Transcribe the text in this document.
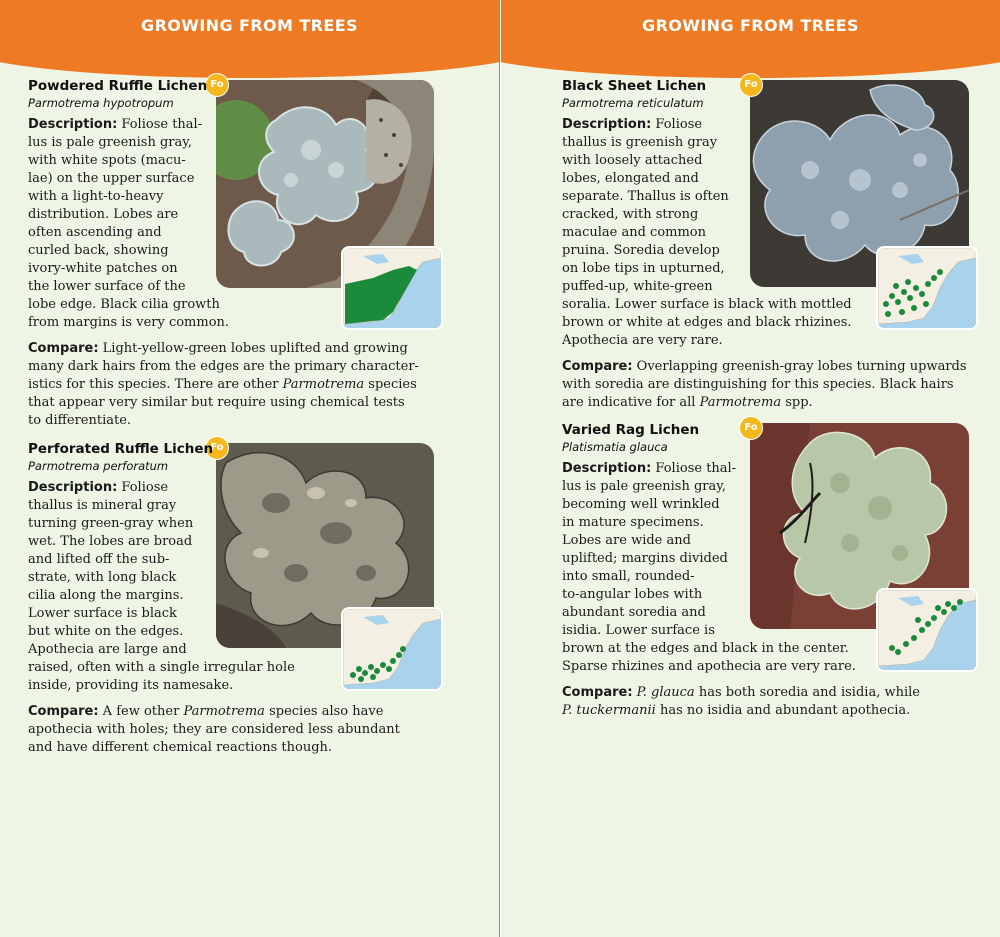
GROWING FROM TREES
Fo
Powdered Ruffle Lichen
Parmotrema hypotropum
Description: Foliose thal-
lus is pale greenish gray,
with white spots (macu-
lae) on the upper surface
with a light-to-heavy
distribution. Lobes are
often ascending and
curled back, showing
ivory-white patches on
the lower surface of the
lobe edge. Black cilia growth
from margins is very common.
Compare: Light-yellow-green lobes uplifted and growing
many dark hairs from the edges are the primary character-
istics for this species. There are other Parmotrema species
that appear very similar but require using chemical tests
to differentiate.
Fo
Perforated Ruffle Lichen
Parmotrema perforatum
Description: Foliose
thallus is mineral gray
turning green-gray when
wet. The lobes are broad
and lifted off the sub-
strate, with long black
cilia along the margins.
Lower surface is black
but white on the edges.
Apothecia are large and
raised, often with a single irregular hole
inside, providing its namesake.
Compare: A few other Parmotrema species also have
apothecia with holes; they are considered less abundant
and have different chemical reactions though.
GROWING FROM TREES
Fo
Black Sheet Lichen
Parmotrema reticulatum
Description: Foliose
thallus is greenish gray
with loosely attached
lobes, elongated and
separate. Thallus is often
cracked, with strong
maculae and common
pruina. Soredia develop
on lobe tips in upturned,
puffed-up, white-green
soralia. Lower surface is black with mottled
brown or white at edges and black rhizines.
Apothecia are very rare.
Compare: Overlapping greenish-gray lobes turning upwards
with soredia are distinguishing for this species. Black hairs
are indicative for all Parmotrema spp.
Fo
Varied Rag Lichen
Platismatia glauca
Description: Foliose thal-
lus is pale greenish gray,
becoming well wrinkled
in mature specimens.
Lobes are wide and
uplifted; margins divided
into small, rounded-
to-angular lobes with
abundant soredia and
isidia. Lower surface is
brown at the edges and black in the center.
Sparse rhizines and apothecia are very rare.
Compare: P. glauca has both soredia and isidia, while
P. tuckermanii has no isidia and abundant apothecia.
